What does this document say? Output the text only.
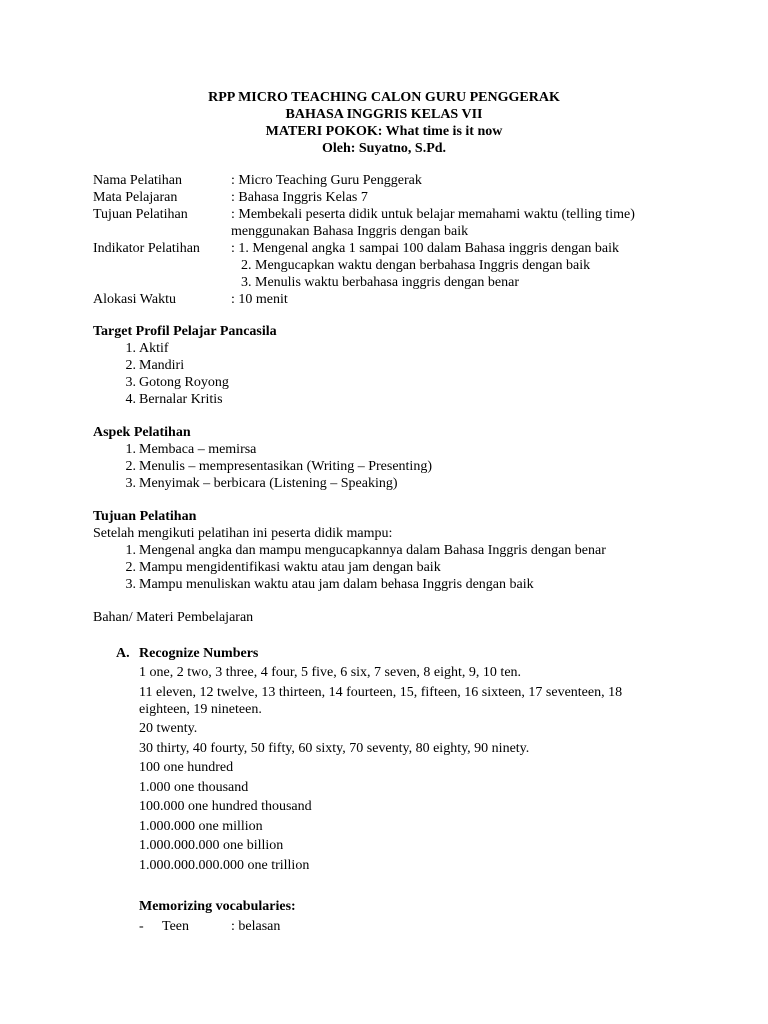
RPP MICRO TEACHING CALON GURU PENGGERAK
BAHASA INGGRIS KELAS VII
MATERI POKOK: What time is it now
Oleh: Suyatno, S.Pd.
Nama Pelatihan	: Micro Teaching Guru Penggerak
Mata Pelajaran	: Bahasa Inggris Kelas 7
Tujuan Pelatihan	: Membekali peserta didik untuk belajar memahami waktu (telling time)
menggunakan Bahasa Inggris dengan baik
Indikator Pelatihan : 1. Mengenal angka 1 sampai 100 dalam Bahasa inggris dengan baik
2. Mengucapkan waktu dengan berbahasa Inggris dengan baik
3. Menulis waktu berbahasa inggris dengan benar
Alokasi Waktu	: 10 menit
Target Profil Pelajar Pancasila
1. Aktif
2. Mandiri
3. Gotong Royong
4. Bernalar Kritis
Aspek Pelatihan
1. Membaca – memirsa
2. Menulis – mempresentasikan (Writing – Presenting)
3. Menyimak – berbicara (Listening – Speaking)
Tujuan Pelatihan
Setelah mengikuti pelatihan ini peserta didik mampu:
1. Mengenal angka dan mampu mengucapkannya dalam Bahasa Inggris dengan benar
2. Mampu mengidentifikasi waktu atau jam dengan baik
3. Mampu menuliskan waktu atau jam dalam behasa Inggris dengan baik
Bahan/ Materi Pembelajaran
A. Recognize Numbers
1 one, 2 two, 3 three, 4 four, 5 five, 6 six, 7 seven, 8 eight, 9, 10 ten.
11 eleven, 12 twelve, 13 thirteen, 14 fourteen, 15, fifteen, 16 sixteen, 17 seventeen, 18
eighteen, 19 nineteen.
20 twenty.
30 thirty, 40 fourty, 50 fifty, 60 sixty, 70 seventy, 80 eighty, 90 ninety.
100 one hundred
1.000 one thousand
100.000 one hundred thousand
1.000.000 one million
1.000.000.000 one billion
1.000.000.000.000 one trillion
Memorizing vocabularies:
- Teen	: belasan
